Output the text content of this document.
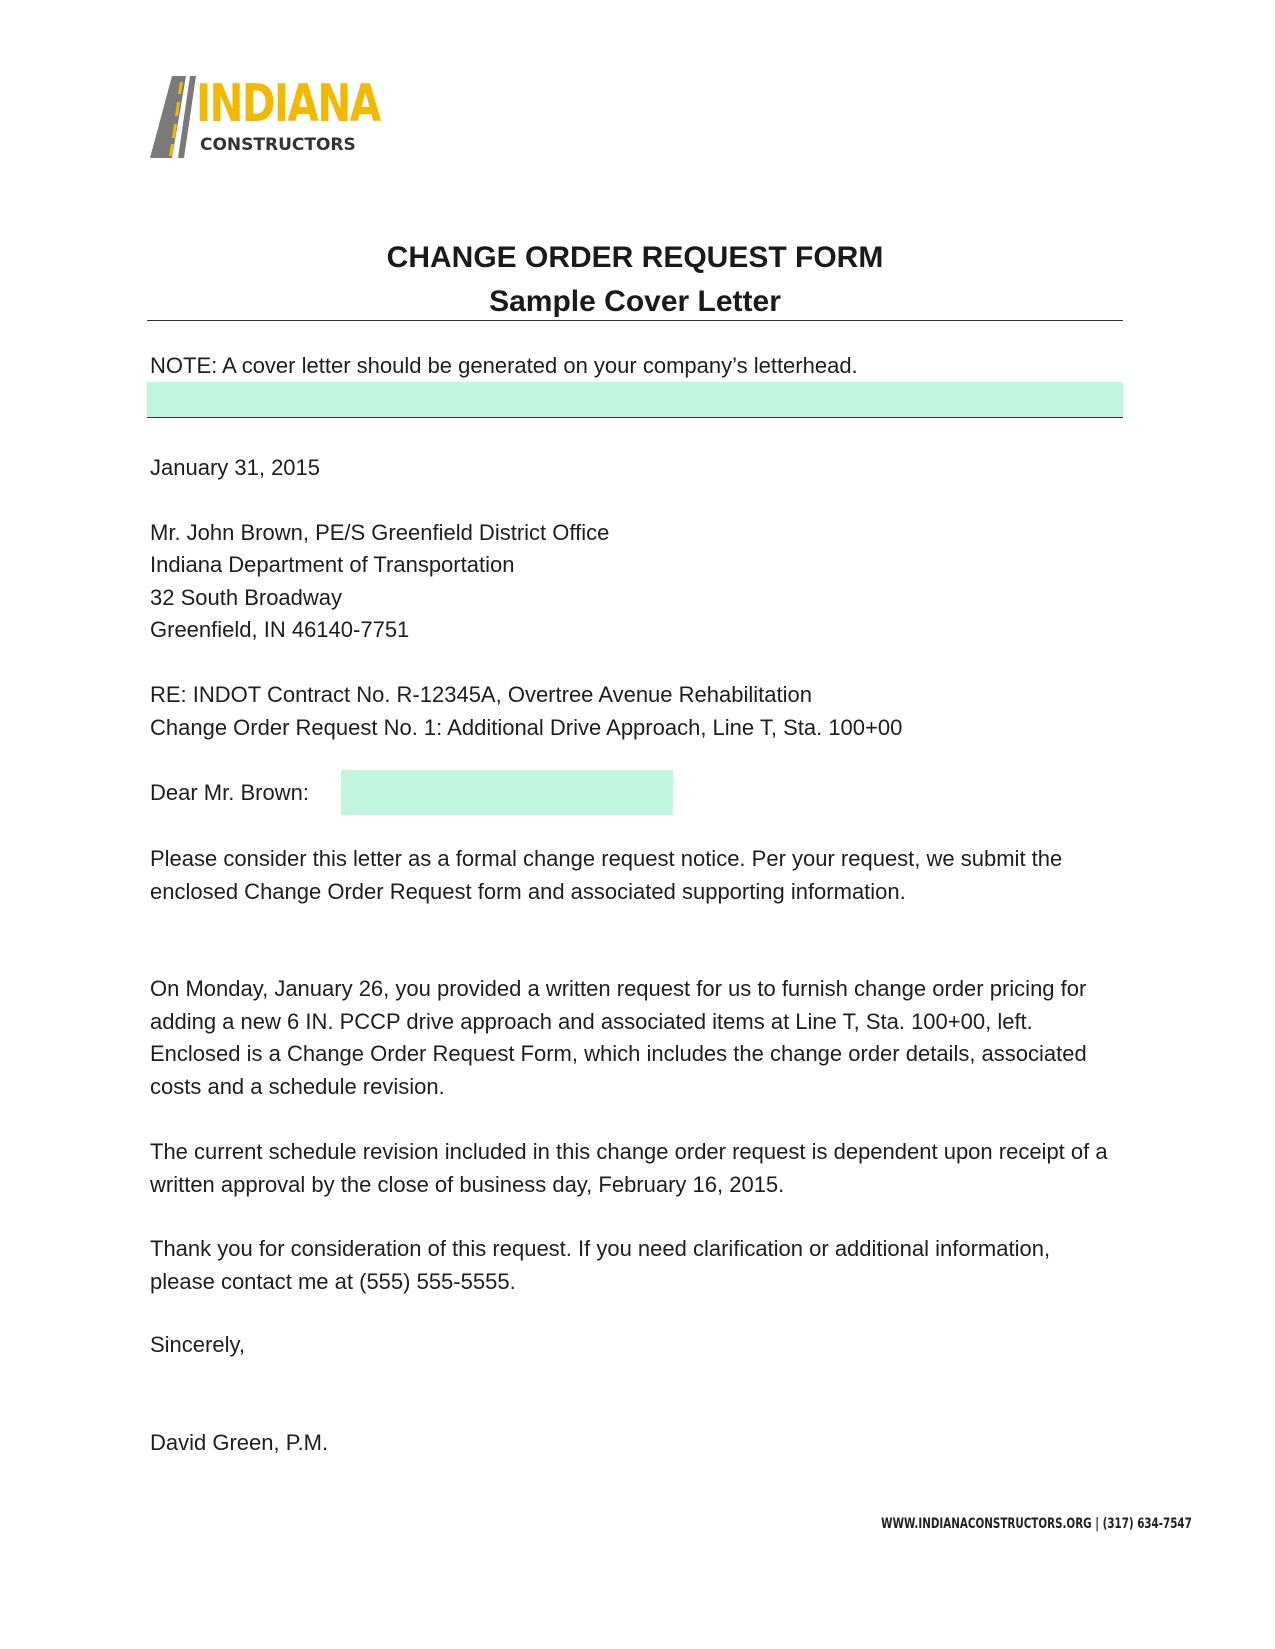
INDIANA
CONSTRUCTORS
CHANGE ORDER REQUEST FORM
Sample Cover Letter
NOTE: A cover letter should be generated on your company’s letterhead.
January 31, 2015
Mr. John Brown, PE/S Greenfield District Office
Indiana Department of Transportation
32 South Broadway
Greenfield, IN 46140-7751
RE: INDOT Contract No. R-12345A, Overtree Avenue Rehabilitation
Change Order Request No. 1: Additional Drive Approach, Line T, Sta. 100+00
Dear Mr. Brown:
Please consider this letter as a formal change request notice. Per your request, we submit the enclosed Change Order Request form and associated supporting information.
On Monday, January 26, you provided a written request for us to furnish change order pricing for adding a new 6 IN. PCCP drive approach and associated items at Line T, Sta. 100+00, left. Enclosed is a Change Order Request Form, which includes the change order details, associated costs and a schedule revision.
The current schedule revision included in this change order request is dependent upon receipt of a written approval by the close of business day, February 16, 2015.
Thank you for consideration of this request. If you need clarification or additional information, please contact me at (555) 555-5555.
Sincerely,
David Green, P.M.
WWW.INDIANACONSTRUCTORS.ORG | (317) 634-7547
